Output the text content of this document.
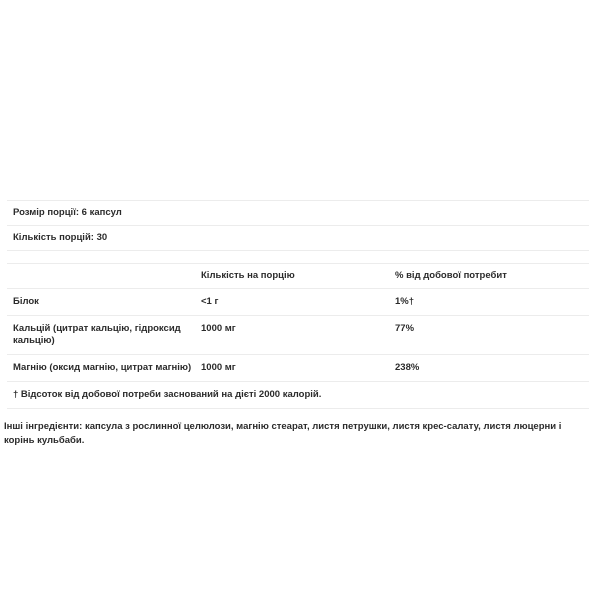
Розмір порції: 6 капсул		
Кількість порцій: 30		

	Кількість на порцію	% від добової потребит
Білок	<1 г	1%†
Кальцій (цитрат кальцію, гідроксид кальцію)	1000 мг	77%
Магнію (оксид магнію, цитрат магнію)	1000 мг	238%
† Відсоток від добової потреби заснований на дієті 2000 калорій.		
Інші інгредієнти: капсула з рослинної целюлози, магнію стеарат, листя петрушки, листя крес-салату, листя люцерни і корінь кульбаби.
